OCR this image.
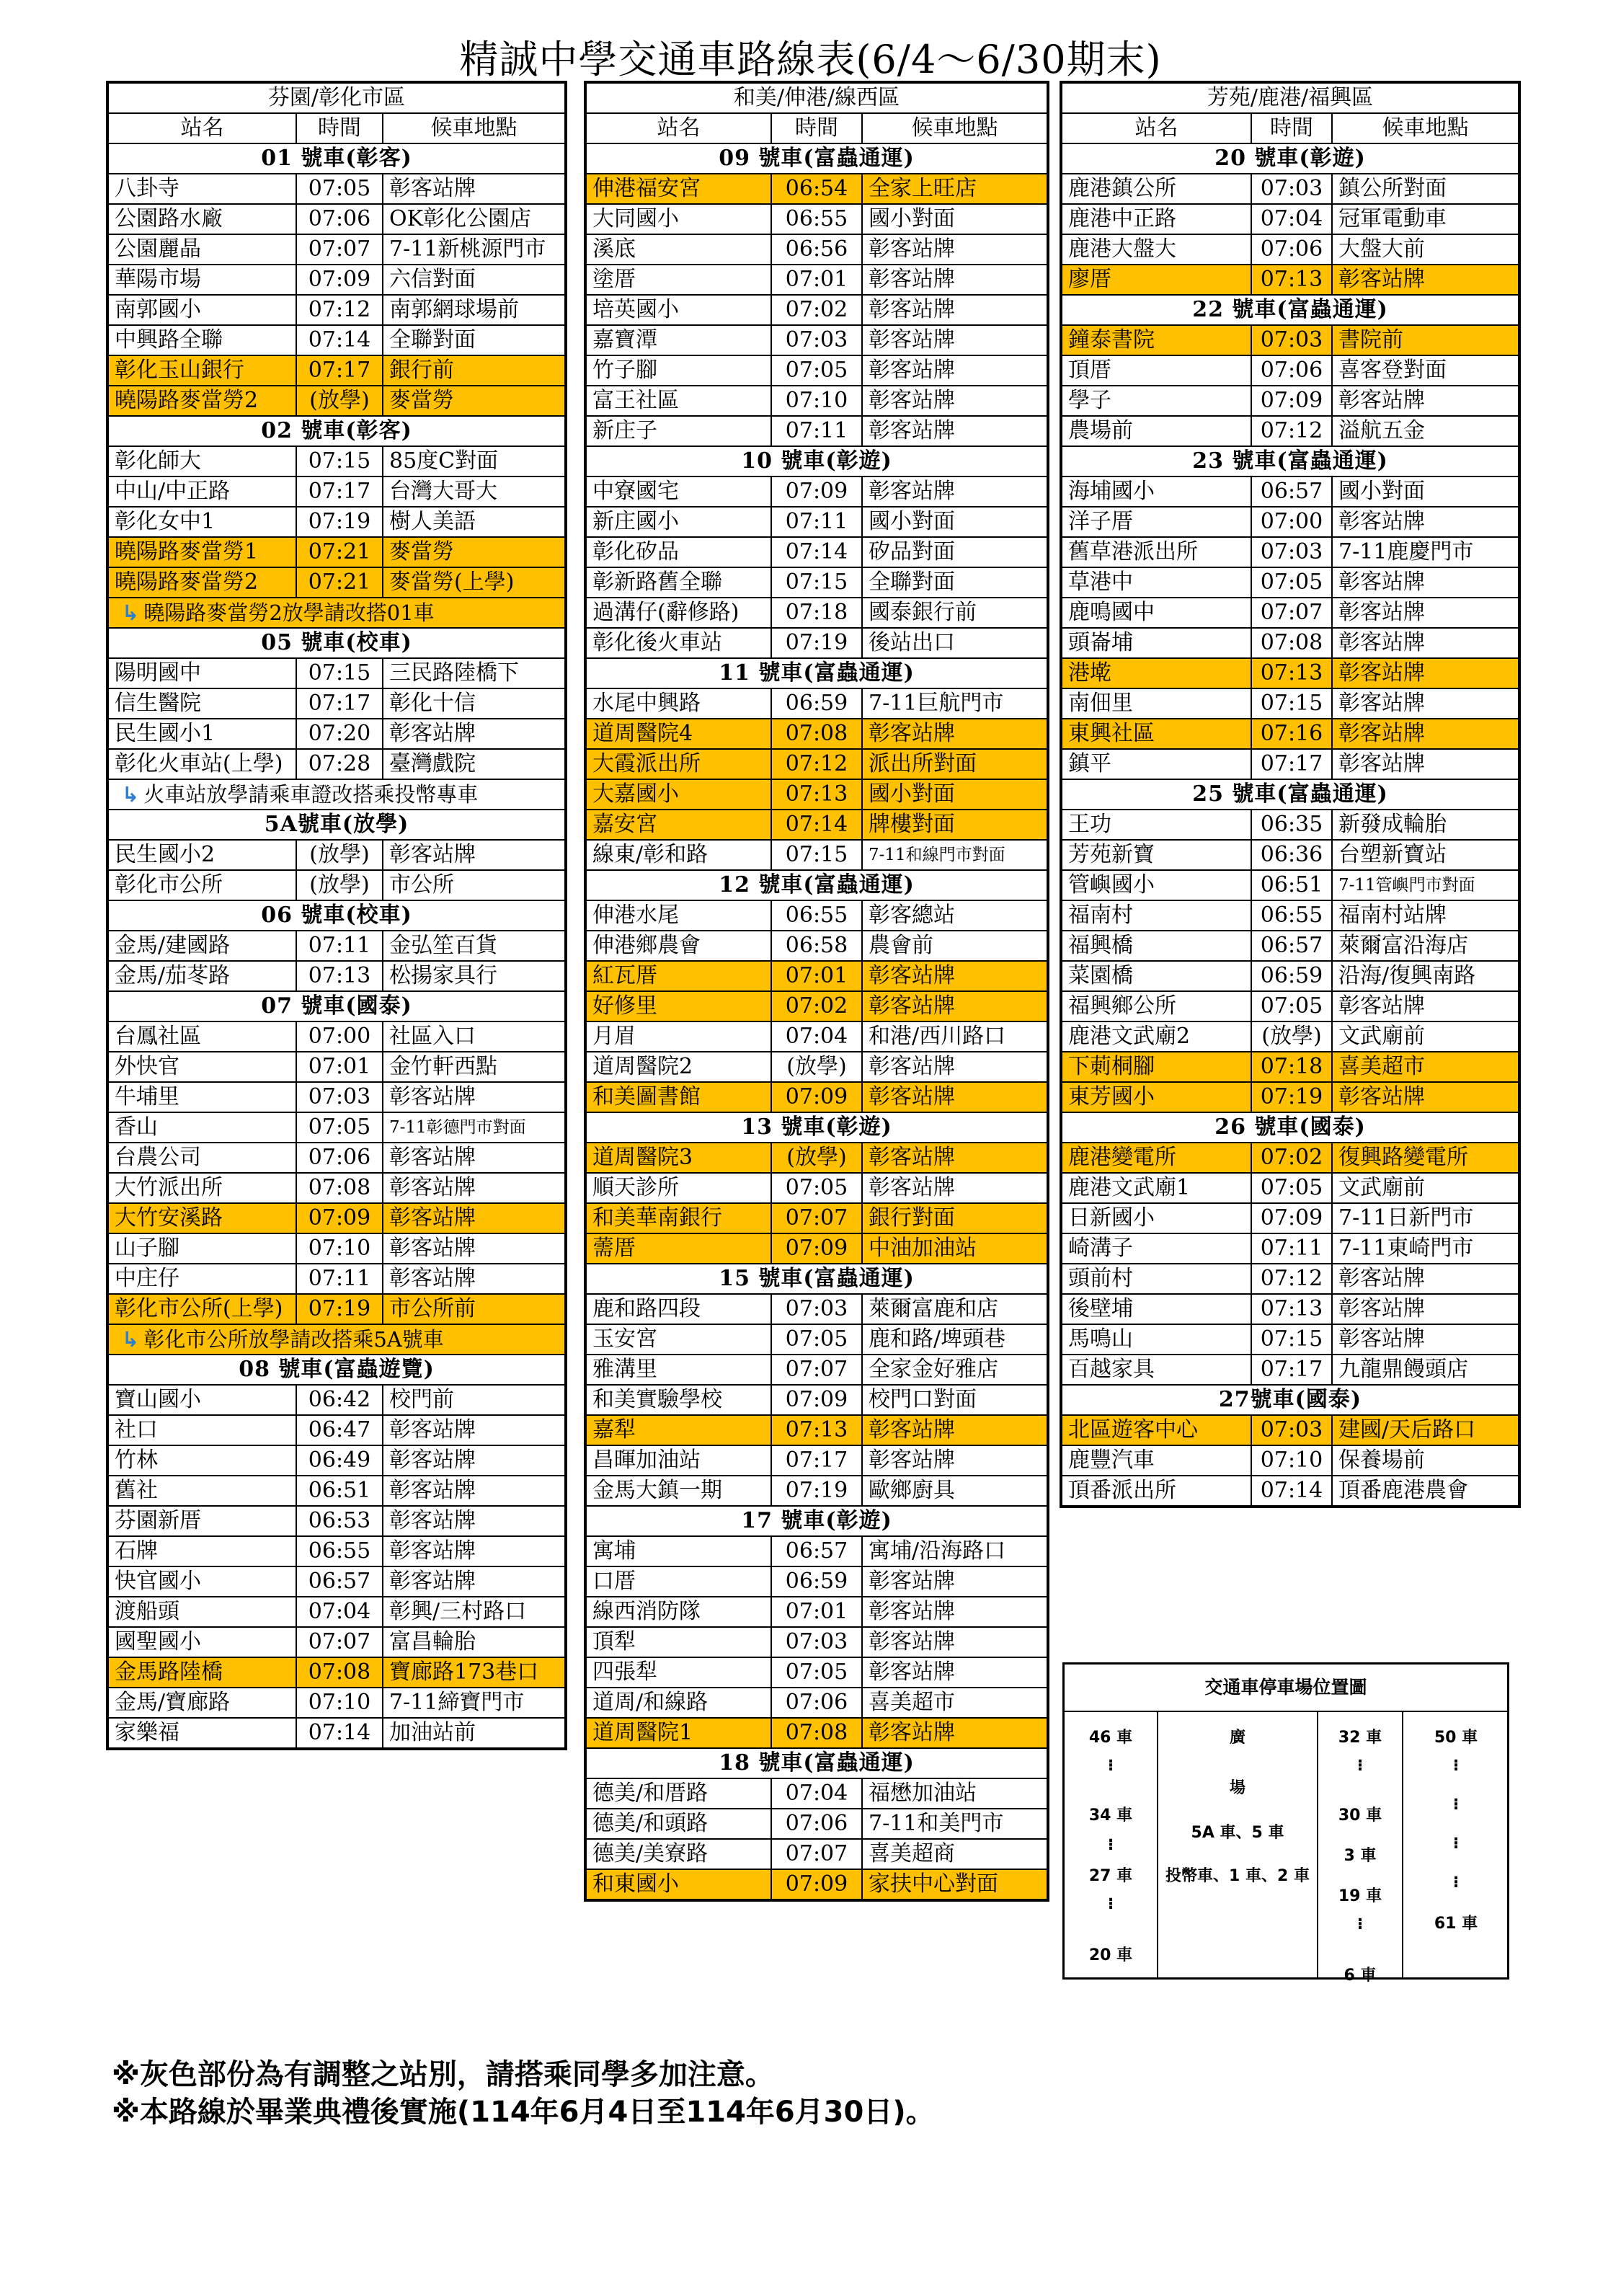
精誠中學交通車路線表(6/4～6/30期末)
芬園/彰化市區		
站名	時間	候車地點
01 號車(彰客)		
八卦寺	07:05	彰客站牌
公園路水廠	07:06	OK彰化公園店
公園麗晶	07:07	7-11新桃源門市
華陽市場	07:09	六信對面
南郭國小	07:12	南郭網球場前
中興路全聯	07:14	全聯對面
彰化玉山銀行	07:17	銀行前
曉陽路麥當勞2	(放學)	麥當勞
02 號車(彰客)		
彰化師大	07:15	85度C對面
中山/中正路	07:17	台灣大哥大
彰化女中1	07:19	樹人美語
曉陽路麥當勞1	07:21	麥當勞
曉陽路麥當勞2	07:21	麥當勞(上學)
↳ 曉陽路麥當勞2放學請改搭01車		
05 號車(校車)		
陽明國中	07:15	三民路陸橋下
信生醫院	07:17	彰化十信
民生國小1	07:20	彰客站牌
彰化火車站(上學)	07:28	臺灣戲院
↳ 火車站放學請乘車證改搭乘投幣專車		
5A號車(放學)		
民生國小2	(放學)	彰客站牌
彰化市公所	(放學)	市公所
06 號車(校車)		
金馬/建國路	07:11	金弘笙百貨
金馬/茄苳路	07:13	松揚家具行
07 號車(國泰)		
台鳳社區	07:00	社區入口
外快官	07:01	金竹軒西點
牛埔里	07:03	彰客站牌
香山	07:05	7-11彰德門市對面
台農公司	07:06	彰客站牌
大竹派出所	07:08	彰客站牌
大竹安溪路	07:09	彰客站牌
山子腳	07:10	彰客站牌
中庄仔	07:11	彰客站牌
彰化市公所(上學)	07:19	市公所前
↳ 彰化市公所放學請改搭乘5A號車		
08 號車(富蟲遊覽)		
寶山國小	06:42	校門前
社口	06:47	彰客站牌
竹林	06:49	彰客站牌
舊社	06:51	彰客站牌
芬園新厝	06:53	彰客站牌
石牌	06:55	彰客站牌
快官國小	06:57	彰客站牌
渡船頭	07:04	彰興/三村路口
國聖國小	07:07	富昌輪胎
金馬路陸橋	07:08	寶廊路173巷口
金馬/寶廊路	07:10	7-11締寶門市
家樂福	07:14	加油站前
和美/伸港/線西區		
站名	時間	候車地點
09 號車(富蟲通運)		
伸港福安宮	06:54	全家上旺店
大同國小	06:55	國小對面
溪底	06:56	彰客站牌
塗厝	07:01	彰客站牌
培英國小	07:02	彰客站牌
嘉寶潭	07:03	彰客站牌
竹子腳	07:05	彰客站牌
富王社區	07:10	彰客站牌
新庄子	07:11	彰客站牌
10 號車(彰遊)		
中寮國宅	07:09	彰客站牌
新庄國小	07:11	國小對面
彰化矽品	07:14	矽品對面
彰新路舊全聯	07:15	全聯對面
過溝仔(辭修路)	07:18	國泰銀行前
彰化後火車站	07:19	後站出口
11 號車(富蟲通運)		
水尾中興路	06:59	7-11巨航門市
道周醫院4	07:08	彰客站牌
大霞派出所	07:12	派出所對面
大嘉國小	07:13	國小對面
嘉安宮	07:14	牌樓對面
線東/彰和路	07:15	7-11和線門市對面
12 號車(富蟲通運)		
伸港水尾	06:55	彰客總站
伸港鄉農會	06:58	農會前
紅瓦厝	07:01	彰客站牌
好修里	07:02	彰客站牌
月眉	07:04	和港/西川路口
道周醫院2	(放學)	彰客站牌
和美圖書館	07:09	彰客站牌
13 號車(彰遊)		
道周醫院3	(放學)	彰客站牌
順天診所	07:05	彰客站牌
和美華南銀行	07:07	銀行對面
薷厝	07:09	中油加油站
15 號車(富蟲通運)		
鹿和路四段	07:03	萊爾富鹿和店
玉安宮	07:05	鹿和路/埤頭巷
雅溝里	07:07	全家金好雅店
和美實驗學校	07:09	校門口對面
嘉犁	07:13	彰客站牌
昌暉加油站	07:17	彰客站牌
金馬大鎮一期	07:19	歐鄉廚具
17 號車(彰遊)		
寓埔	06:57	寓埔/沿海路口
口厝	06:59	彰客站牌
線西消防隊	07:01	彰客站牌
頂犁	07:03	彰客站牌
四張犁	07:05	彰客站牌
道周/和線路	07:06	喜美超市
道周醫院1	07:08	彰客站牌
18 號車(富蟲通運)		
德美/和厝路	07:04	福懋加油站
德美/和頭路	07:06	7-11和美門市
德美/美寮路	07:07	喜美超商
和東國小	07:09	家扶中心對面
芳苑/鹿港/福興區		
站名	時間	候車地點
20 號車(彰遊)		
鹿港鎮公所	07:03	鎮公所對面
鹿港中正路	07:04	冠軍電動車
鹿港大盤大	07:06	大盤大前
廖厝	07:13	彰客站牌
22 號車(富蟲通運)		
鐘泰書院	07:03	書院前
頂厝	07:06	喜客登對面
學子	07:09	彰客站牌
農場前	07:12	溢航五金
23 號車(富蟲通運)		
海埔國小	06:57	國小對面
洋子厝	07:00	彰客站牌
舊草港派出所	07:03	7-11鹿慶門市
草港中	07:05	彰客站牌
鹿鳴國中	07:07	彰客站牌
頭崙埔	07:08	彰客站牌
港墘	07:13	彰客站牌
南佃里	07:15	彰客站牌
東興社區	07:16	彰客站牌
鎮平	07:17	彰客站牌
25 號車(富蟲通運)		
王功	06:35	新發成輪胎
芳苑新寶	06:36	台塑新寶站
管嶼國小	06:51	7-11管嶼門市對面
福南村	06:55	福南村站牌
福興橋	06:57	萊爾富沿海店
菜園橋	06:59	沿海/復興南路
福興鄉公所	07:05	彰客站牌
鹿港文武廟2	(放學)	文武廟前
下莿桐腳	07:18	喜美超市
東芳國小	07:19	彰客站牌
26 號車(國泰)		
鹿港變電所	07:02	復興路變電所
鹿港文武廟1	07:05	文武廟前
日新國小	07:09	7-11日新門市
崎溝子	07:11	7-11東崎門市
頭前村	07:12	彰客站牌
後壁埔	07:13	彰客站牌
馬鳴山	07:15	彰客站牌
百越家具	07:17	九龍鼎饅頭店
27號車(國泰)		
北區遊客中心	07:03	建國/天后路口
鹿豐汽車	07:10	保養場前
頂番派出所	07:14	頂番鹿港農會
交通車停車場位置圖
46 車
⁝
34 車
⁝
27 車
⁝
20 車
廣
場
5A 車、5 車
投幣車、1 車、2 車
32 車
⁝
30 車
3 車
19 車
⁝
6 車
50 車
⁝
⁝
⁝
⁝
61 車
※灰色部份為有調整之站別，請搭乘同學多加注意。
※本路線於畢業典禮後實施(114年6月4日至114年6月30日)。
